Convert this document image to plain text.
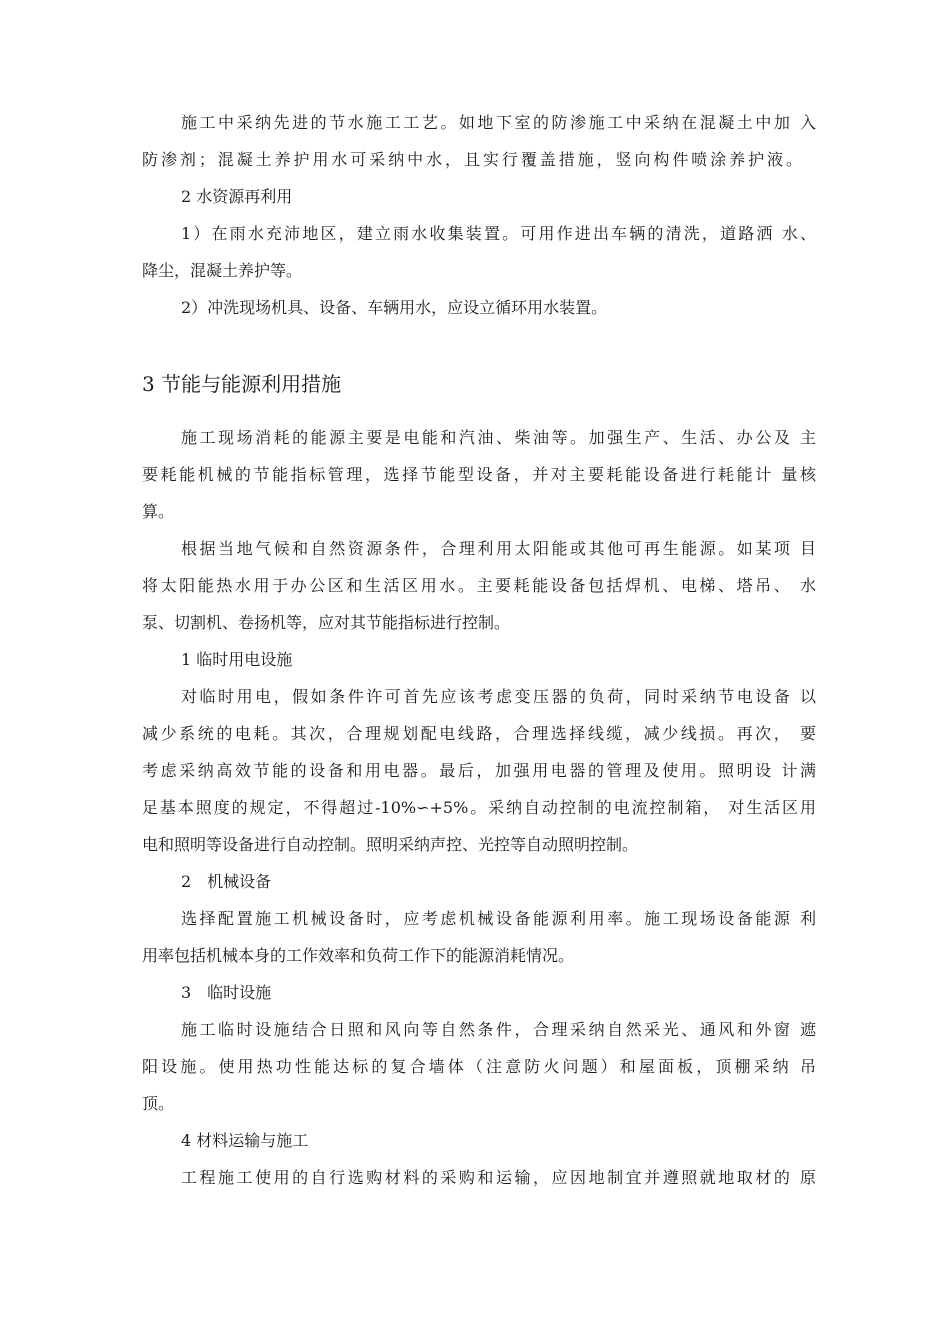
施工中采纳先进的节水施工工艺。如地下室的防渗施工中采纳在混凝土中加 入
防渗剂；混凝土养护用水可采纳中水，且实行覆盖措施，竖向构件喷涂养护液。
2 水资源再利用
1）在雨水充沛地区，建立雨水收集装置。可用作进出车辆的清洗，道路洒 水、
降尘，混凝土养护等。
2）冲洗现场机具、设备、车辆用水，应设立循环用水装置。
3 节能与能源利用措施
施工现场消耗的能源主要是电能和汽油、柴油等。加强生产、生活、办公及 主
要耗能机械的节能指标管理，选择节能型设备，并对主要耗能设备进行耗能计 量核
算。
根据当地气候和自然资源条件，合理利用太阳能或其他可再生能源。如某项 目
将太阳能热水用于办公区和生活区用水。主要耗能设备包括焊机、电梯、塔吊、 水
泵、切割机、卷扬机等，应对其节能指标进行控制。
1 临时用电设施
对临时用电，假如条件许可首先应该考虑变压器的负荷，同时采纳节电设备 以
减少系统的电耗。其次，合理规划配电线路，合理选择线缆，减少线损。再次， 要
考虑采纳高效节能的设备和用电器。最后，加强用电器的管理及使用。照明设 计满
足基本照度的规定，不得超过-10%∽+5%。采纳自动控制的电流控制箱， 对生活区用
电和照明等设备进行自动控制。照明采纳声控、光控等自动照明控制。
2　机械设备
选择配置施工机械设备时，应考虑机械设备能源利用率。施工现场设备能源 利
用率包括机械本身的工作效率和负荷工作下的能源消耗情况。
3　临时设施
施工临时设施结合日照和风向等自然条件，合理采纳自然采光、通风和外窗 遮
阳设施。使用热功性能达标的复合墙体（注意防火问题）和屋面板，顶棚采纳 吊
顶。
4 材料运输与施工
工程施工使用的自行选购材料的采购和运输，应因地制宜并遵照就地取材的 原
